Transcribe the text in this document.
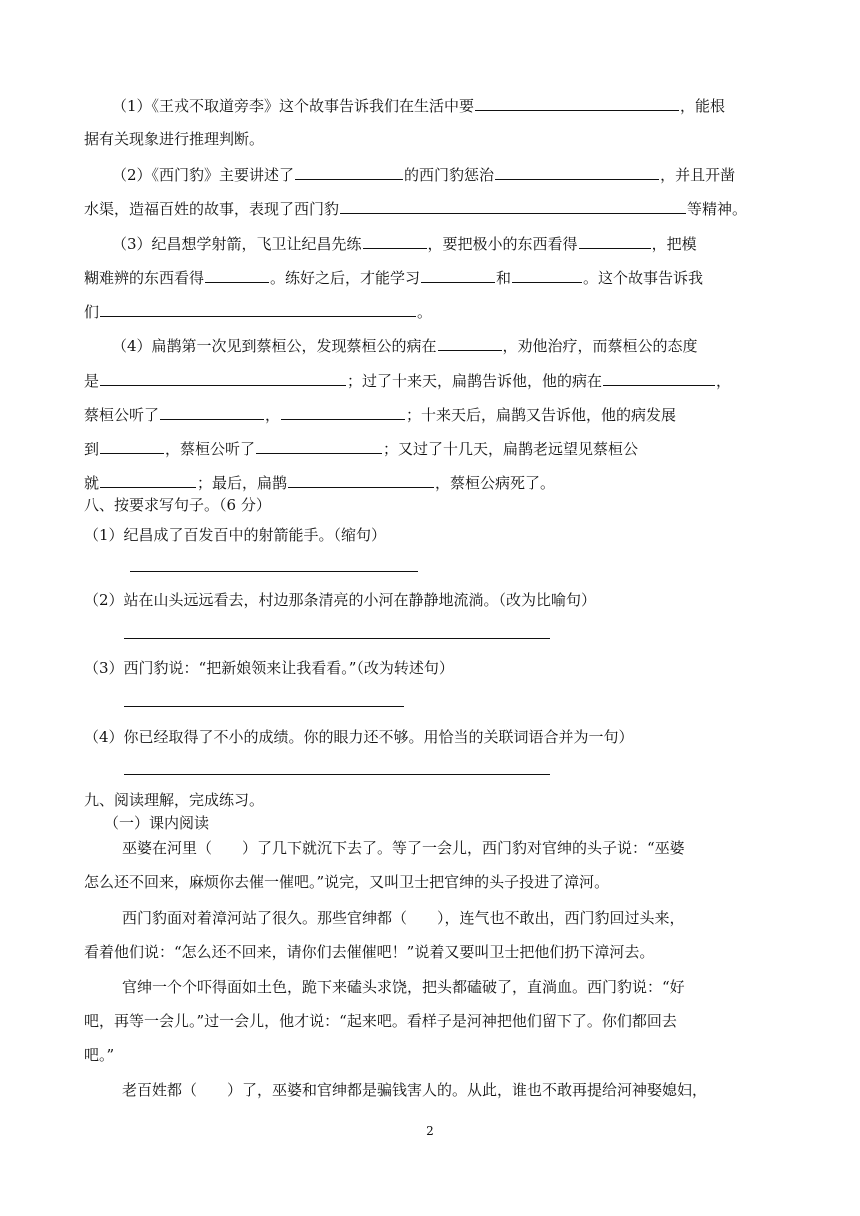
（1）《王戎不取道旁李》这个故事告诉我们在生活中要	，能根
据有关现象进行推理判断。
（2）《西门豹》主要讲述了	的西门豹惩治	，并且开凿
水渠，造福百姓的故事，表现了西门豹	等精神。
（3）纪昌想学射箭，飞卫让纪昌先练	，要把极小的东西看得	，把模
糊难辨的东西看得	。练好之后，才能学习	和	。这个故事告诉我
们	。
（4）扁鹊第一次见到蔡桓公，发现蔡桓公的病在	，劝他治疗，而蔡桓公的态度
是	；过了十来天，扁鹊告诉他，他的病在	，
蔡桓公听了	，	；十来天后，扁鹊又告诉他，他的病发展
到	，蔡桓公听了	；又过了十几天，扁鹊老远望见蔡桓公
就	；最后，扁鹊	，蔡桓公病死了。
八、按要求写句子。（6 分）
（1）纪昌成了百发百中的射箭能手。（缩句）
（2）站在山头远远看去，村边那条清亮的小河在静静地流淌。（改为比喻句）
（3）西门豹说：“把新娘领来让我看看。”（改为转述句）
（4）你已经取得了不小的成绩。你的眼力还不够。用恰当的关联词语合并为一句）
九、阅读理解，完成练习。
（一）课内阅读
巫婆在河里（　　）了几下就沉下去了。等了一会儿，西门豹对官绅的头子说：“巫婆
怎么还不回来，麻烦你去催一催吧。”说完，又叫卫士把官绅的头子投进了漳河。
西门豹面对着漳河站了很久。那些官绅都（　　），连气也不敢出，西门豹回过头来，
看着他们说：“怎么还不回来，请你们去催催吧！”说着又要叫卫士把他们扔下漳河去。
官绅一个个吓得面如土色，跪下来磕头求饶，把头都磕破了，直淌血。西门豹说：“好
吧，再等一会儿。”过一会儿，他才说：“起来吧。看样子是河神把他们留下了。你们都回去
吧。”
老百姓都（　　）了，巫婆和官绅都是骗钱害人的。从此，谁也不敢再提给河神娶媳妇，
2
